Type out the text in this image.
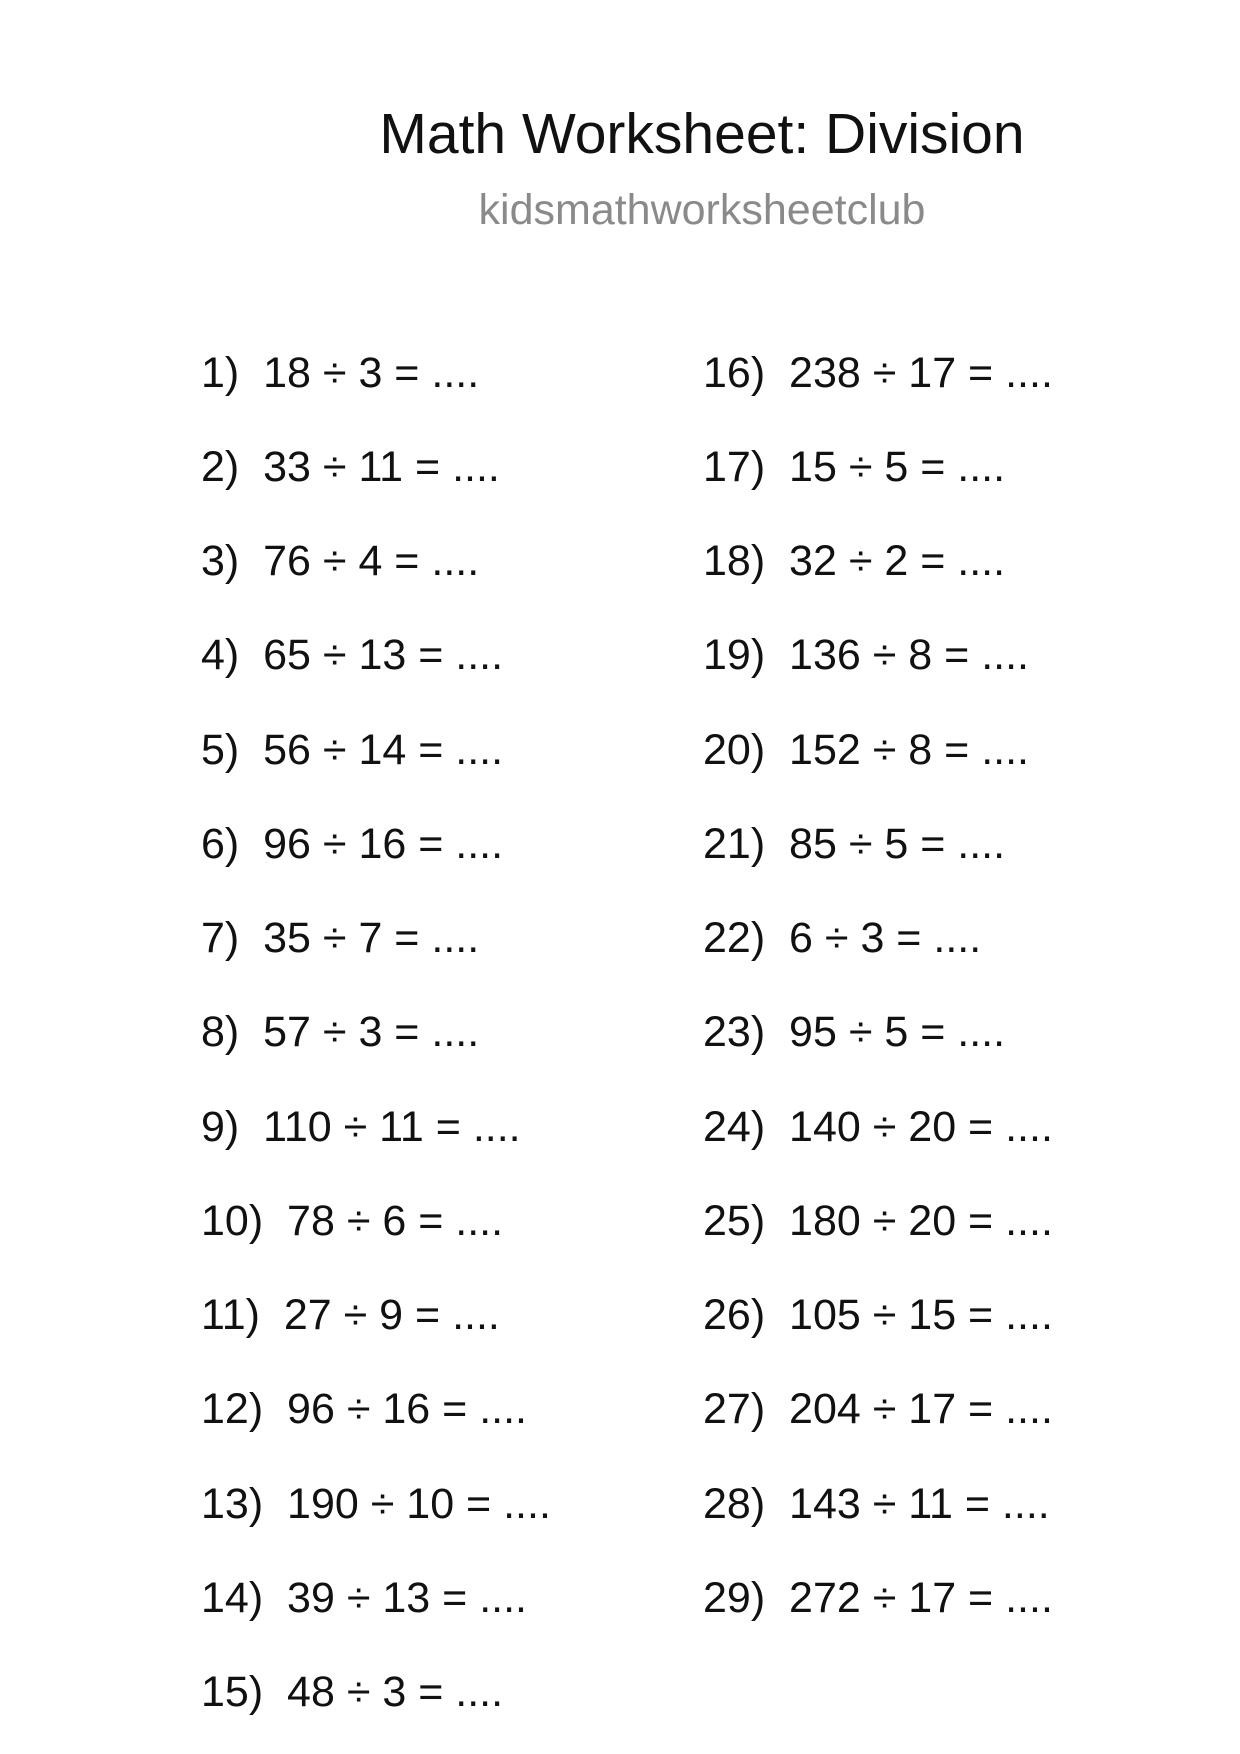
Math Worksheet: Division
kidsmathworksheetclub
1)  18 ÷ 3 = ....
2)  33 ÷ 11 = ....
3)  76 ÷ 4 = ....
4)  65 ÷ 13 = ....
5)  56 ÷ 14 = ....
6)  96 ÷ 16 = ....
7)  35 ÷ 7 = ....
8)  57 ÷ 3 = ....
9)  110 ÷ 11 = ....
10)  78 ÷ 6 = ....
11)  27 ÷ 9 = ....
12)  96 ÷ 16 = ....
13)  190 ÷ 10 = ....
14)  39 ÷ 13 = ....
15)  48 ÷ 3 = ....
16)  238 ÷ 17 = ....
17)  15 ÷ 5 = ....
18)  32 ÷ 2 = ....
19)  136 ÷ 8 = ....
20)  152 ÷ 8 = ....
21)  85 ÷ 5 = ....
22)  6 ÷ 3 = ....
23)  95 ÷ 5 = ....
24)  140 ÷ 20 = ....
25)  180 ÷ 20 = ....
26)  105 ÷ 15 = ....
27)  204 ÷ 17 = ....
28)  143 ÷ 11 = ....
29)  272 ÷ 17 = ....
